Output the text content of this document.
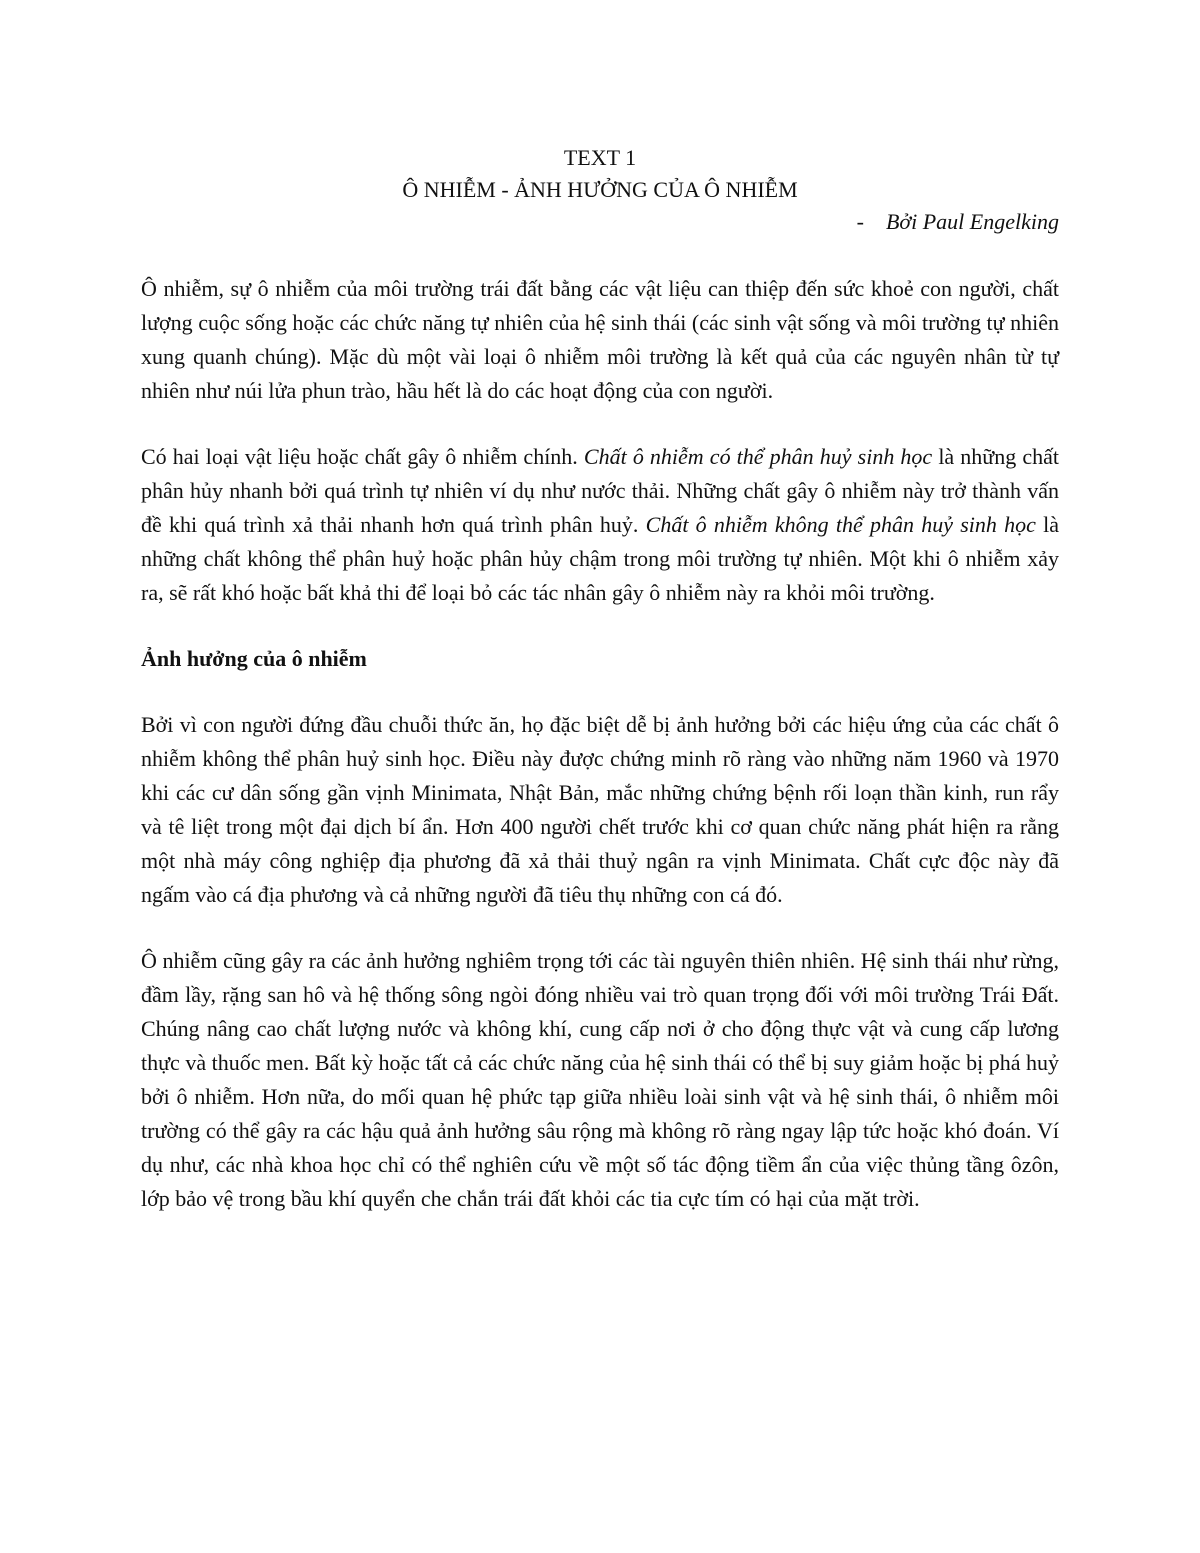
TEXT 1

Ô NHIỄM - ẢNH HƯỞNG CỦA Ô NHIỄM

- Bởi Paul Engelking

Ô nhiễm, sự ô nhiễm của môi trường trái đất bằng các vật liệu can thiệp đến sức khoẻ con người, chất lượng cuộc sống hoặc các chức năng tự nhiên của hệ sinh thái (các sinh vật sống và môi trường tự nhiên xung quanh chúng). Mặc dù một vài loại ô nhiễm môi trường là kết quả của các nguyên nhân từ tự nhiên như núi lửa phun trào, hầu hết là do các hoạt động của con người.

Có hai loại vật liệu hoặc chất gây ô nhiễm chính. Chất ô nhiễm có thể phân huỷ sinh học là những chất phân hủy nhanh bởi quá trình tự nhiên ví dụ như nước thải. Những chất gây ô nhiễm này trở thành vấn đề khi quá trình xả thải nhanh hơn quá trình phân huỷ. Chất ô nhiễm không thể phân huỷ sinh học là những chất không thể phân huỷ hoặc phân hủy chậm trong môi trường tự nhiên. Một khi ô nhiễm xảy ra, sẽ rất khó hoặc bất khả thi để loại bỏ các tác nhân gây ô nhiễm này ra khỏi môi trường.

Ảnh hưởng của ô nhiễm

Bởi vì con người đứng đầu chuỗi thức ăn, họ đặc biệt dễ bị ảnh hưởng bởi các hiệu ứng của các chất ô nhiễm không thể phân huỷ sinh học. Điều này được chứng minh rõ ràng vào những năm 1960 và 1970 khi các cư dân sống gần vịnh Minimata, Nhật Bản, mắc những chứng bệnh rối loạn thần kinh, run rẩy và tê liệt trong một đại dịch bí ẩn. Hơn 400 người chết trước khi cơ quan chức năng phát hiện ra rằng một nhà máy công nghiệp địa phương đã xả thải thuỷ ngân ra vịnh Minimata. Chất cực độc này đã ngấm vào cá địa phương và cả những người đã tiêu thụ những con cá đó.

Ô nhiễm cũng gây ra các ảnh hưởng nghiêm trọng tới các tài nguyên thiên nhiên. Hệ sinh thái như rừng, đầm lầy, rặng san hô và hệ thống sông ngòi đóng nhiều vai trò quan trọng đối với môi trường Trái Đất. Chúng nâng cao chất lượng nước và không khí, cung cấp nơi ở cho động thực vật và cung cấp lương thực và thuốc men. Bất kỳ hoặc tất cả các chức năng của hệ sinh thái có thể bị suy giảm hoặc bị phá huỷ bởi ô nhiễm. Hơn nữa, do mối quan hệ phức tạp giữa nhiều loài sinh vật và hệ sinh thái, ô nhiễm môi trường có thể gây ra các hậu quả ảnh hưởng sâu rộng mà không rõ ràng ngay lập tức hoặc khó đoán. Ví dụ như, các nhà khoa học chỉ có thể nghiên cứu về một số tác động tiềm ẩn của việc thủng tầng ôzôn, lớp bảo vệ trong bầu khí quyển che chắn trái đất khỏi các tia cực tím có hại của mặt trời.
